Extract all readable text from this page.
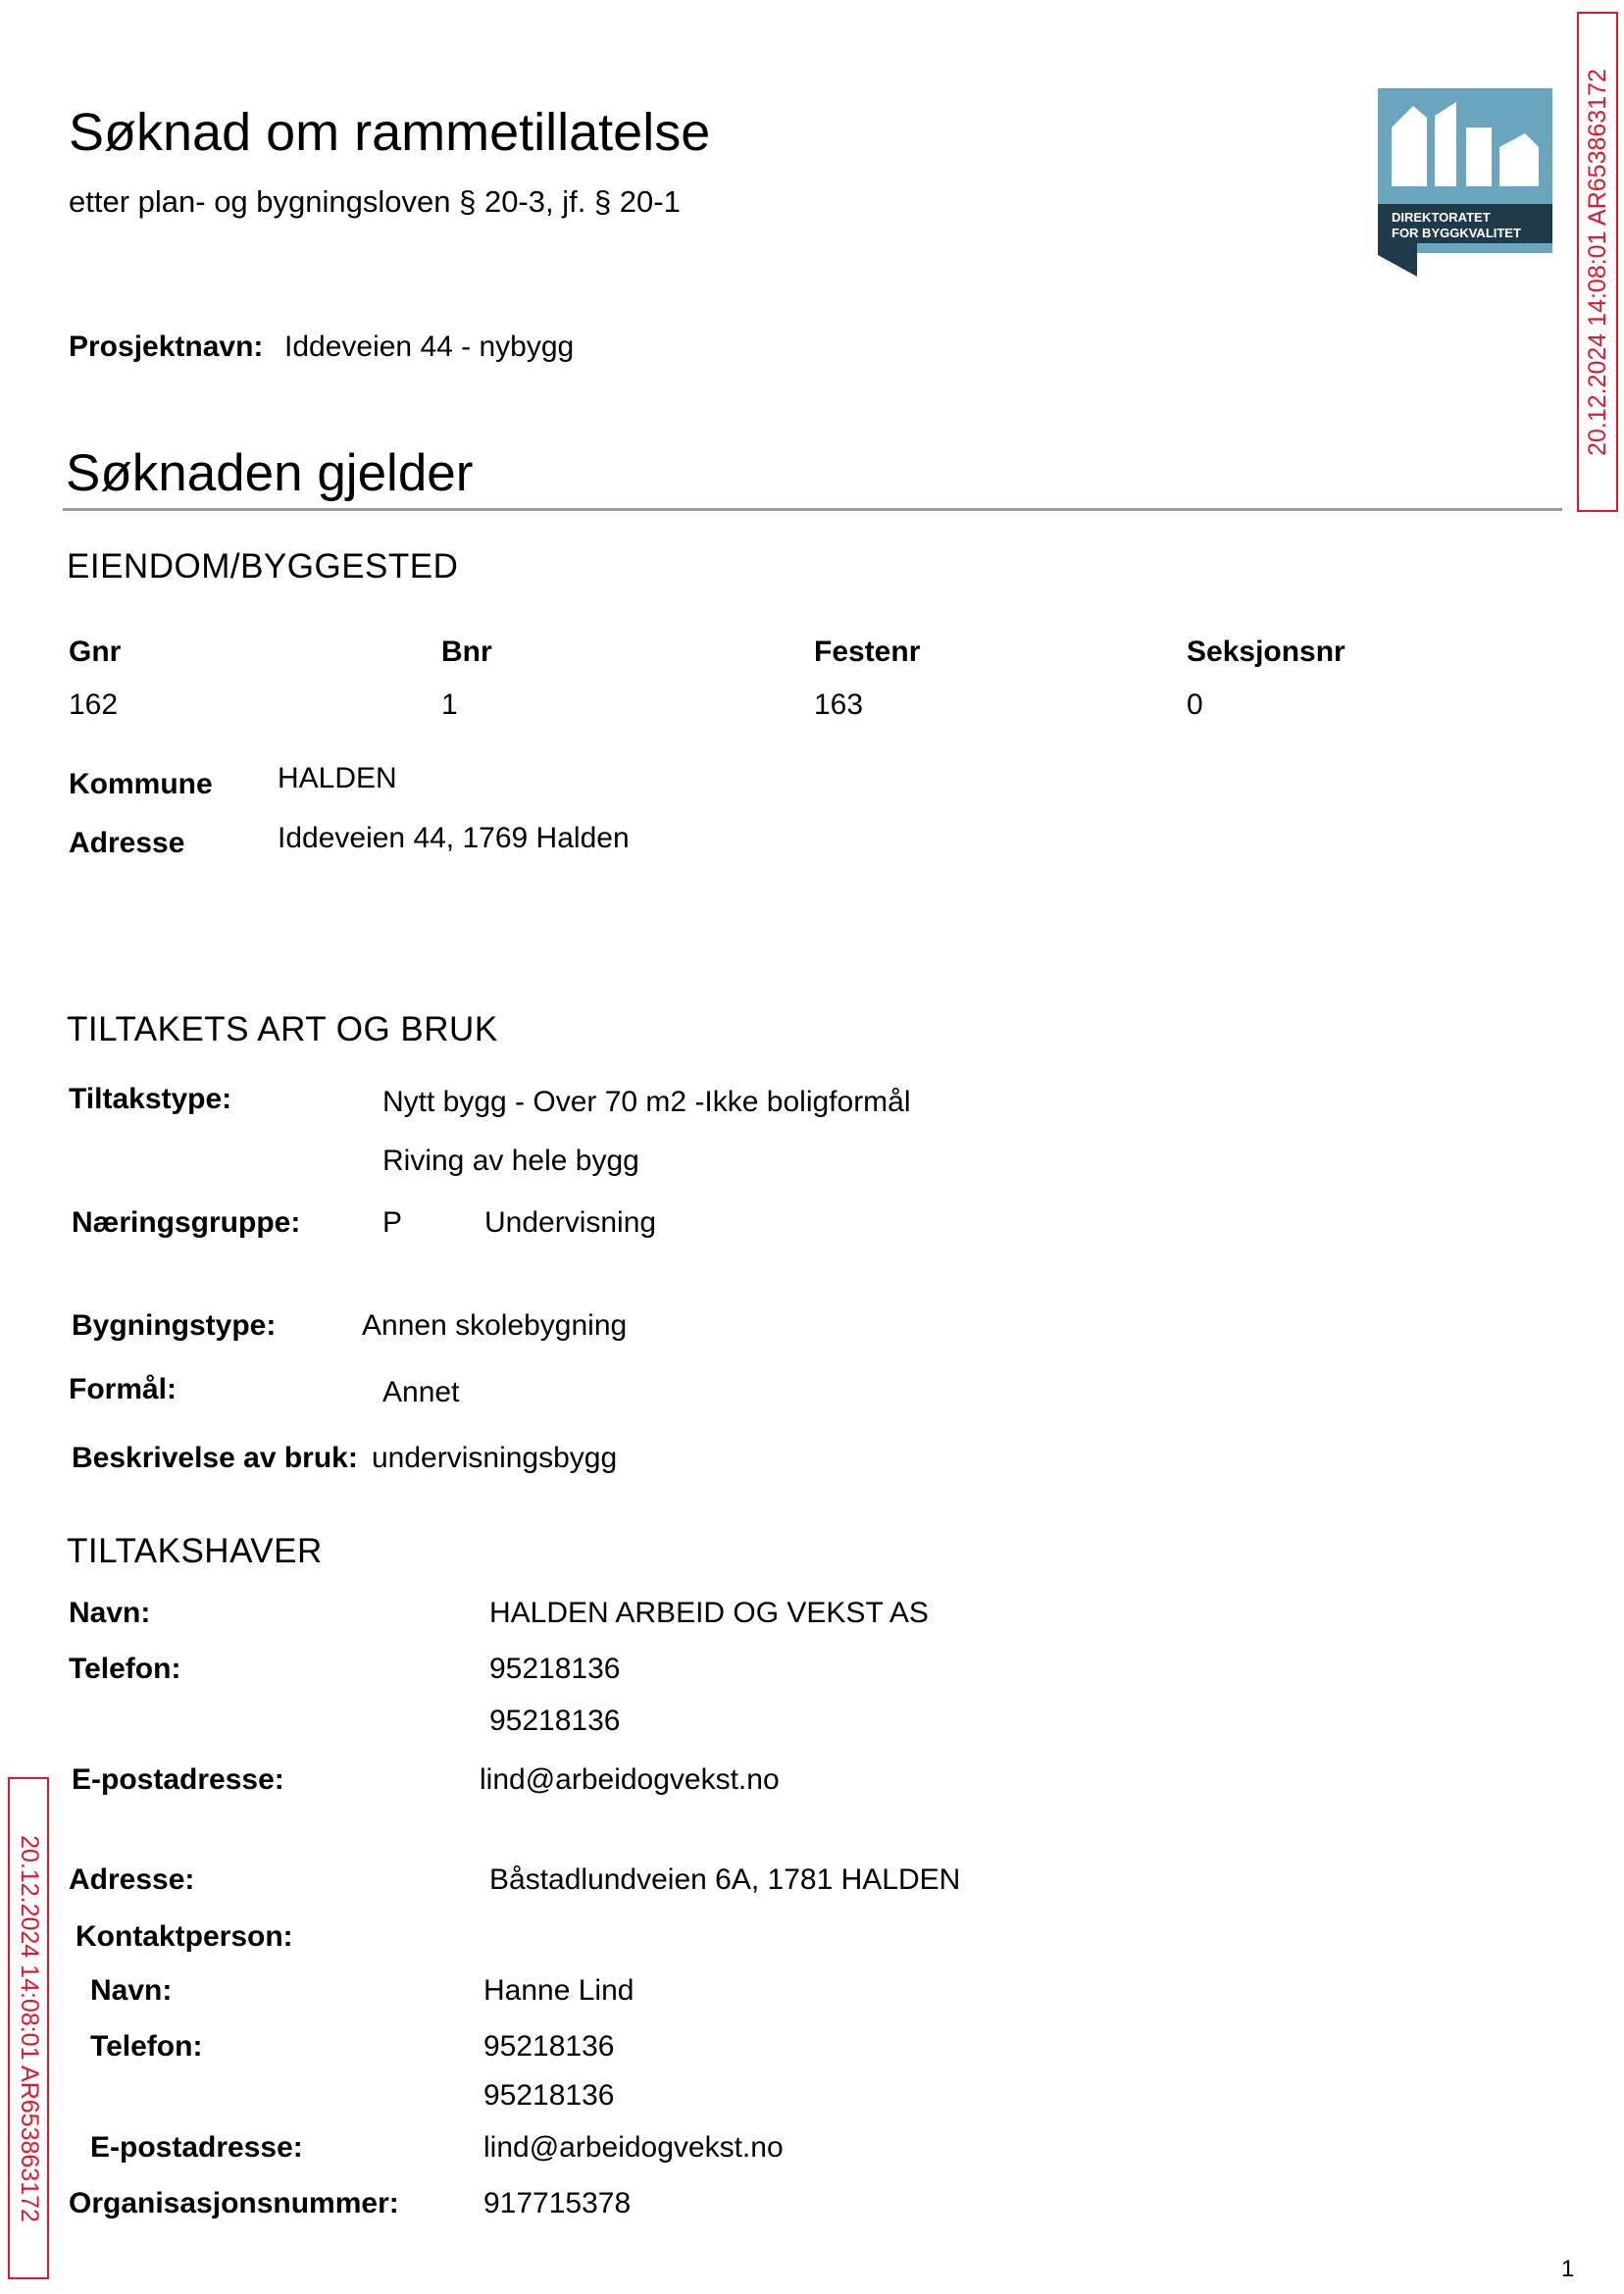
Søknad om rammetillatelse
etter plan- og bygningsloven § 20-3, jf. § 20-1	DIREKTORATET
FOR BYGGKVALITET	20.12.2024 14:08:01 AR653863172
20.12.2024 14:08:01 AR653863172
Prosjektnavn: Iddeveien 44 - nybygg
Søknaden gjelder
EIENDOM/BYGGESTED
Gnr	Bnr	Festenr	Seksjonsnr
162	1	163	0
Kommune HALDEN
Adresse	Iddeveien 44, 1769 Halden
TILTAKETS ART OG BRUK
Tiltakstype:	Nytt bygg - Over 70 m2 -Ikke boligformål
Riving av hele bygg
Næringsgruppe:	P	Undervisning
Bygningstype:	Annen skolebygning
Formål:	Annet
Beskrivelse av bruk: undervisningsbygg
TILTAKSHAVER
Navn:	HALDEN ARBEID OG VEKST AS
Telefon:	95218136
95218136
E-postadresse:	lind@arbeidogvekst.no
Adresse:	Båstadlundveien 6A, 1781 HALDEN
Kontaktperson:
Navn:	Hanne Lind
Telefon:	95218136
95218136
E-postadresse:	lind@arbeidogvekst.no
Organisasjonsnummer:	917715378
1
